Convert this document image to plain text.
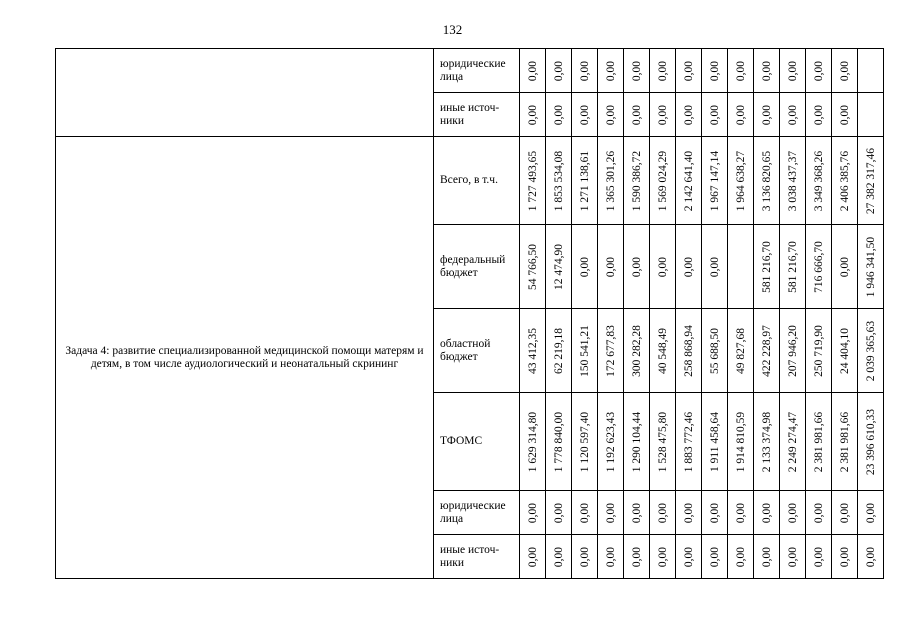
132
	юридические лица	0,00	0,00	0,00	0,00	0,00	0,00	0,00	0,00	0,00	0,00	0,00	0,00	0,00	

	иные источ-ники	0,00	0,00	0,00	0,00	0,00	0,00	0,00	0,00	0,00	0,00	0,00	0,00	0,00	

Задача 4: развитие специализированной медицинской помощи матерям и детям, в том числе аудиологический и неонатальный скрининг	Всего, в т.ч.	1 727 493,65	1 853 534,08	1 271 138,61	1 365 301,26	1 590 386,72	1 569 024,29	2 142 641,40	1 967 147,14	1 964 638,27	3 136 820,65	3 038 437,37	3 349 368,26	2 406 385,76	27 382 317,46

	федеральный бюджет	54 766,50	12 474,90	0,00	0,00	0,00	0,00	0,00	0,00		581 216,70	581 216,70	716 666,70	0,00	1 946 341,50

	областной бюджет	43 412,35	62 219,18	150 541,21	172 677,83	300 282,28	40 548,49	258 868,94	55 688,50	49 827,68	422 228,97	207 946,20	250 719,90	24 404,10	2 039 365,63

	ТФОМС	1 629 314,80	1 778 840,00	1 120 597,40	1 192 623,43	1 290 104,44	1 528 475,80	1 883 772,46	1 911 458,64	1 914 810,59	2 133 374,98	2 249 274,47	2 381 981,66	2 381 981,66	23 396 610,33

	юридические лица	0,00	0,00	0,00	0,00	0,00	0,00	0,00	0,00	0,00	0,00	0,00	0,00	0,00	0,00

	иные источ-ники	0,00	0,00	0,00	0,00	0,00	0,00	0,00	0,00	0,00	0,00	0,00	0,00	0,00	0,00
